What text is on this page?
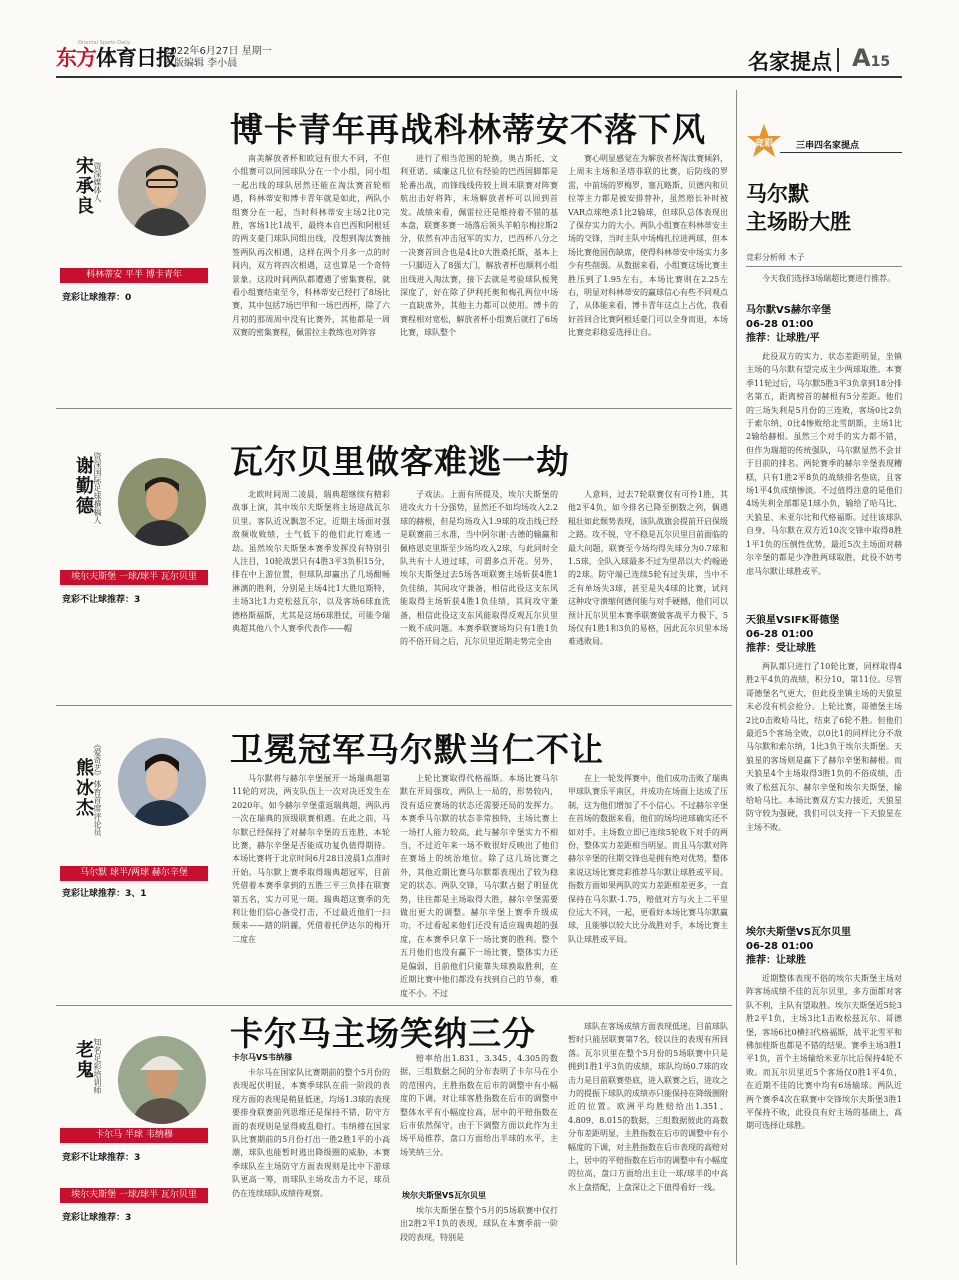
Oriental Sports Daily
东方体育日报
2022年6月27日 星期一
本版编辑 李小晨	名家提点 A15
宋承良 资深媒体人
科林蒂安 平半 博卡青年
竞彩让球推荐：0
博卡青年再战科林蒂安不落下风
南美解放者杯和欧冠有很大不同，不但小组赛可以同国球队分在一个小组，同小组一起出线的球队居然还能在淘汰赛首轮相遇，科林蒂安和博卡青年就是如此，两队小组赛分在一起，当时科林蒂安主场2比0完胜，客场1比1战平，最终本自巴西和阿根廷的两支豪门球队同组出线，没想到淘汰赛抽签两队再次相遇，这样在两个月多一点的时间内，双方将四次相遇，这也算是一个奇特景象。这段时间两队都遭遇了密集赛程，就看小组赛结束至今，科林蒂安已经打了8场比赛，其中包括7场巴甲和一场巴西杯，除了六月初的那周周中没有比赛外，其他都是一周双赛的密集赛程，佩雷拉主教练也对阵容
进行了相当范围的轮换，奥古斯托、文利亚诺、威廉这几位有经验的巴西国脚都是轮番出战，而锋线线传较上周末联赛对阵赛航出击好将阵，未场解放者杯可以回到首发。战绩来看，佩雷拉还是维持着不错的基本盘，联赛多赛一场落后领头羊帕尔梅拉斯2分，依然有冲击冠军的实力，巴西杯八分之一决赛首回合也是4比0大胜桑托斯，基本上一只脚迈入了8强大门，解放者杯也顺利小组出线进入淘汰赛，接下去就是考验球队板凳深度了，好在除了伊利托奥和梅孔两位中场一直缺席外，其他主力都可以使用。博卡的赛程相对宽松，解放者杯小组赛后就打了6场比赛，球队整个
赛心明显感觉在为解放者杯淘汰赛倾斜，上周末主场和圣塔菲联的比赛，后防线的罗雷，中前场的罗梅罗，塞瓦略斯、贝德内和贝拉等主力都是被安排替补，虽然赔长补时被VAR点球绝杀1比2输球，但球队总体表现出了保存实力的大小。两队小组赛在科林蒂安主场的交锋，当时主队中场梅扎拉进两球，但本场比赛他因伤缺席，使得科林蒂安中场实力多少有些削弱。从数据来看，小组赛这场比赛主胜压到了1.95左右，本场比赛则在2.25左右，明显对科林蒂安的赢球信心有些不同观点了，从体能来看，博卡青年这点上占优，我看好首回合比赛阿根廷豪门可以全身而退，本场比赛竞彩稳妥选择让自。
谢勤德 资深国际足球撰稿人
埃尔夫斯堡 一球/球半 瓦尔贝里
竞彩不让球推荐：3
瓦尔贝里做客难逃一劫
北欧时间周二凌晨，瑞典超继续有精彩战事上演，其中埃尔夫斯堡将主场迎战瓦尔贝里。客队近况飘忽不定，近期主场面对强敌频收败绩，士气低下的他们此行难逃一劫。虽然埃尔夫斯堡本赛季发挥没有特别引人注目，10轮战罢只有4胜3平3负积15分，排在中上游位置，但球队却赢出了几场酣畅淋漓的胜利，分别是主场4比1大胜厄斯特，主场3比1力克松兹瓦尔，以及客场6球血洗德格斯福斯，尤其是这场6球胜仗，可能令瑞典超其他八个人赛季代表作——帽
子戏法。上面有所提及，埃尔夫斯堡的进攻火力十分强势，显然还不如均场攻入2.2球的赫根，但是均场攻入1.9球的攻击线已经是联赛前三水准，当中阿尔谢·古德的输赢和佩格恩克里斯至少场均攻入2球，与此同时全队共有十人进过球，可谓多点开花。另外，埃尔夫斯堡过去5场各项联赛主场斩获4胜1负佳绩，其间攻守兼备，相信此役这支东风能取得主场斩获4胜1负佳绩，其间攻守兼备，相信此役这支东风能取得反观瓦尔贝里一败不成问题。本赛季联赛场均只有1胜1负的不俗开局之后，瓦尔贝里近期走势完全由
人意料，过去7轮联赛仅有可怜1胜，其他2平4负，如今排名已降至倒数之列，偶遇粗壮如此颓势表现，该队战旗会提前开启保级之路。攻不锐，守不稳是瓦尔贝里目前面临的最大问题，联赛至今场均得失球分为0.7球和1.5球，全队入球最多不过为里昂以大·约翰逊的2球。防守端已连续5轮有过失球，当中不乏有单场失3球，甚至是失4球的比赛，试问这种攻守溃缩何德何能与对手硬撼，他们可以预计瓦尔贝里本赛季联赛做客战平力极下，5场仅有1胜1和3负的易格，因此瓦尔贝里本场难逃败局。
熊冰杰 《爱奇艺》体育首席评论员
马尔默 球半/两球 赫尔辛堡
竞彩让球推荐：3、1
卫冕冠军马尔默当仁不让
马尔默将与赫尔辛堡展开一场瑞典超第11轮的对决，两支队伍上一次对决还发生在2020年。如今赫尔辛堡重返瑞典超，两队再一次在瑞典的顶级联赛相遇。在此之前，马尔默已经保持了对赫尔辛堡的五连胜，本轮比赛，赫尔辛堡是否能成功复仇值得期待。本场比赛将于北京时间6月28日凌晨1点准时开始。马尔默上赛季取得瑞典超冠军，目前凭借着本赛季拿到的五胜三平三负排在联赛第五名，实力可见一斑。瑞典超这赛季的先利让他们信心备受打击，不过最近他们一扫颓来——踏的阴霾，凭借着托伊达尔的梅开二度在
上轮比赛取得代格福斯。本场比赛马尔默在开局强攻，两队上一局的，形势较内，没有适应赛场的状态还需要还局的发挥力。本赛季马尔默的状态非常独特，主场比赛上一场打人能力较高，此与赫尔辛堡实力不相当，不过近年来一场不败很好反映出了他们在赛场上的统治地位。除了这几场比赛之外，其他近期比赛马尔默都表现出了较为稳定的状态。两队交锋，马尔默占据了明显优势，往往都是主场取得大胜，赫尔辛堡需要做出更大的调整。赫尔辛堡上赛季升级成功，不过看起来他们还没有适应瑞典超的强度，在本赛季只拿下一场比赛的胜利。整个五月他们也没有赢下一场比赛，整体实力还是偏弱，目前他们只能靠失球换取胜利，在近期比赛中他们都没有找到自己的节奏，难度不小。不过
在上一轮发挥赛中，他们成功击败了瑞典甲球队赛乐平南区，并成功在场面上达成了压制，这为他们增加了不小信心。不过赫尔辛堡在首场的数据来看，他们的场均进球确实还不如对手。主场数立即已连续5轮收下对手的两份，整体实力差距相当明显。而且马尔默对阵赫尔辛堡的往期交锋也是拥有绝对优势，整体来说这场比赛竞彩推荐马尔默让球胜或平局。指数方面如果两队的实力差距相差更多，一直保持在马尔默-1.75，赔值对方与火上二平里位远大不同，一起，更看好本场比赛马尔默赢球，且能够以较大比分战胜对手，本场比赛主队让球胜或平局。
老鬼 知名足彩培训师
卡尔马 半球 韦纳穆
竞彩不让球推荐：3
埃尔夫斯堡 一球/球半 瓦尔贝里
竞彩让球推荐：3
卡尔马主场笑纳三分
卡尔马VS韦纳穆
卡尔马在国家队比赛期前的整个5月份的表现起伏明显，本赛季球队在前一阶段的表现方面的表现是稍显低迷，均场1.3球的表现要排身联赛前列思维还是保持不错，防守方面的表现则是显得疲乱稳打。韦纳穆在国家队比赛期前的5月份打出一胜2胜1平的小高潮，球队也能暂时逃出降级圈的威胁，本赛季球队在主场防守方面表现则是比中下游球队更高一筹，而球队主场攻击力不足，球员仍在连续球队成绩待观察。
赔率给出1.831、3.345、4.305的数据，三组数据之间的分布表明了卡尔马在小的范围内，主胜指数在后市的调整中有小幅度的下调，对让球客胜指数在后市的调整中整体水平有小幅度拉高，居中的平赔指数在后市依然保守，由于下调整方面以此作为主场平局推荐，盘口方面给出半球的水平，主场笑纳三分。
埃尔夫斯堡VS瓦尔贝里
埃尔夫斯堡在整个5月的5场联赛中仅打出2胜2平1负的表现，球队在本赛季前一阶段的表现，特别是
球队在客场成绩方面表现低迷，目前球队暂时只能居联赛第7名，较以往的表现有所回落。瓦尔贝里在整个5月份的5场联赛中只是拥到1胜1平3负的成绩，球队均场0.7球的攻击力是目前联赛垫底，进入联赛之后，进攻之力的提振下球队的成绩亦只能保持在降级圈附近的位置。欧洲平均胜赔给出1.351、4.809、8.015的数据，三组数据彼此的高数分布差距明显，主胜指数在后市的调整中有小幅度的下调，对主胜指数在后市表现的高赔对上，居中的平赔指数在后市的调整中有小幅度的拉高，盘口方面给出主让一球/球半的中高水上盘搭配，上盘深让之下值得看好一线。
竞彩	三串四名家提点
马尔默
主场盼大胜
竞彩分析师 木子
今天我们选择3场瑞超比赛进行推荐。
马尔默VS赫尔辛堡
06-28 01:00
推荐：让球胜/平
此役双方的实力、状态差距明显，坐镇主场的马尔默有望完成主少两球取胜。本赛季11轮过后，马尔默5胜3平3负拿到18分排名第五，距离榜首的赫根有5分差距。他们的三场失利是5月份的三连败，客场0比2负于索尔纳、0比4惨败给北雪朗斯，主场1比2输给赫根。虽然三个对手的实力都不错，但作为瑞超的传统强队，马尔默显然不会甘于目前的排名。两轮赛季的赫尔辛堡表现糟糕，只有1胜2平8负的战绩排名垫底，且客场1平4负成绩惨淡。不过值得注意的是他们4场失利全部都是1球小负，输给了哈马比、天狼星、米亚尔比和代格福斯。过往该球队自身，马尔默在双方近10次交锋中取得8胜1平1负的压倒性优势，最近5次主场面对赫尔辛堡的都是少净胜两球取胜，此役不妨考虑马尔默让球胜或平。
天狼星VSIFK哥德堡
06-28 01:00
推荐：受让球胜
两队都只进行了10轮比赛，同样取得4胜2平4负的战绩，积分10，第11位。尽管哥德堡名气更大，但此役坐镇主场的天狼星未必没有机会抢分。上轮比赛，哥德堡主场2比0击败哈马比，结束了6轮不胜。但他们最近5个客场全败，以0比1的同样比分不敌马尔默和索尔纳，1比3负于埃尔夫斯堡。天狼星的客场则是赢下了赫尔辛堡和赫根。而天狼星4个主场取得3胜1负的不俗成绩，击败了松兹瓦尔、赫尔辛堡和埃尔夫斯堡，输给哈马比。本场比赛双方实力接近，天狼星防守较为强硬，我们可以支持一下天狼星在主场不败。
埃尔夫斯堡VS瓦尔贝里
06-28 01:00
推荐：让球胜
近期整体表现不俗的埃尔夫斯堡主场对阵客场成绩不佳的瓦尔贝里，多方面都对客队不利，主队有望取胜。埃尔夫斯堡近5轮3胜2平1负，主场3比1击败松兹瓦尔、哥德堡，客场6比0横扫代格福斯，战平北雪平和佛加桂斯也都是不错的结果。赛季主场3胜1平1负，首个主场输给米亚尔比后保持4轮不败。而瓦尔贝里近5个客场仅0胜1平4负，在近期不佳的比赛中均有6场输球。两队近两个赛季4次在联赛中交锋埃尔夫斯堡3胜1平保持不败，此役良有好主场的基础上，高期可选择让球胜。
